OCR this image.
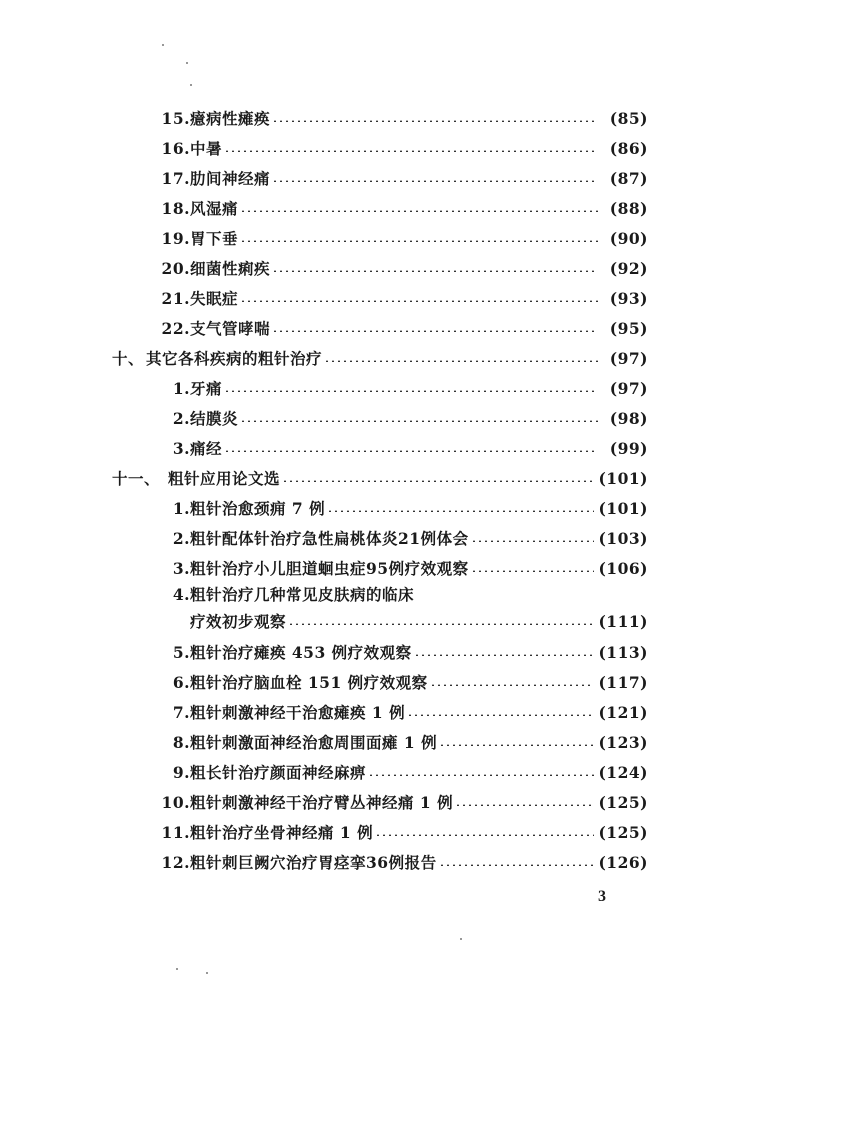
15. 癔病性瘫痪	(85)
16. 中暑	(86)
17. 肋间神经痛	(87)
18. 风湿痛	(88)
19. 胃下垂	(90)
20. 细菌性痢疾	(92)
21. 失眠症	(93)
22. 支气管哮喘	(95)
十、 其它各科疾病的粗针治疗	(97)
1. 牙痛	(97)
2. 结膜炎	(98)
3. 痛经	(99)
十一、 粗针应用论文选	(101)
1. 粗针治愈颈痈 7 例	(101)
2. 粗针配体针治疗急性扁桃体炎21例体会	(103)
3. 粗针治疗小儿胆道蛔虫症95例疗效观察	(106)
4. 粗针治疗几种常见皮肤病的临床
疗效初步观察	(111)
5. 粗针治疗瘫痪 453 例疗效观察	(113)
6. 粗针治疗脑血栓 151 例疗效观察	(117)
7. 粗针刺激神经干治愈瘫痪 1 例	(121)
8. 粗针刺激面神经治愈周围面瘫 1 例	(123)
9. 粗长针治疗颜面神经麻痹	(124)
10. 粗针刺激神经干治疗臂丛神经痛 1 例	(125)
11. 粗针治疗坐骨神经痛 1 例	(125)
12. 粗针刺巨阙穴治疗胃痉挛36例报告	(126)
3
